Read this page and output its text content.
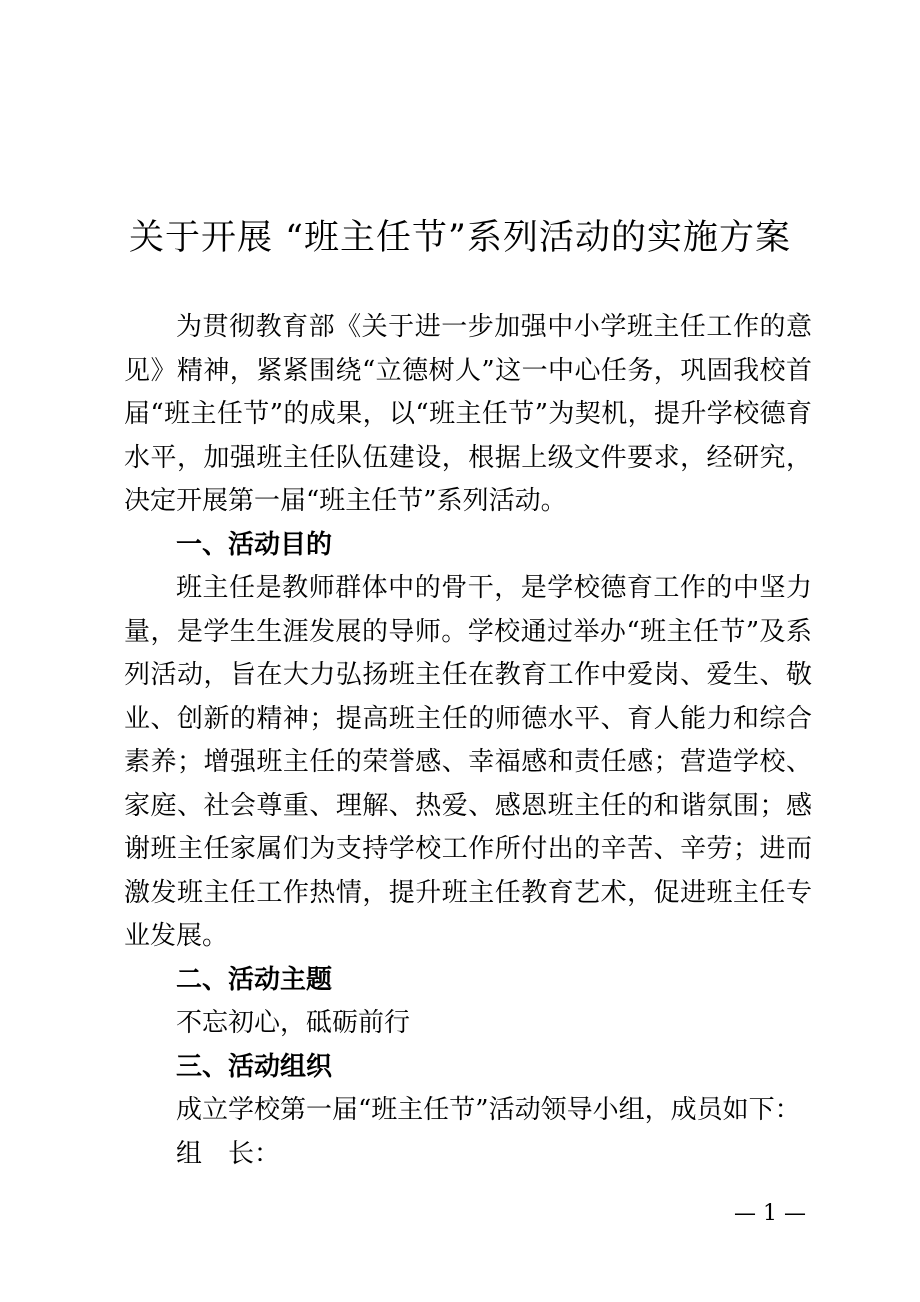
关于开展 “班主任节”系列活动的实施方案

为贯彻教育部《关于进一步加强中小学班主任工作的意见》精神，紧紧围绕“立德树人”这一中心任务，巩固我校首届“班主任节”的成果，以“班主任节”为契机，提升学校德育水平，加强班主任队伍建设，根据上级文件要求，经研究，决定开展第一届“班主任节”系列活动。

一、活动目的

班主任是教师群体中的骨干，是学校德育工作的中坚力量，是学生生涯发展的导师。学校通过举办“班主任节”及系列活动，旨在大力弘扬班主任在教育工作中爱岗、爱生、敬业、创新的精神；提高班主任的师德水平、育人能力和综合素养；增强班主任的荣誉感、幸福感和责任感；营造学校、家庭、社会尊重、理解、热爱、感恩班主任的和谐氛围；感谢班主任家属们为支持学校工作所付出的辛苦、辛劳；进而激发班主任工作热情，提升班主任教育艺术，促进班主任专业发展。

二、活动主题

不忘初心，砥砺前行

三、活动组织

成立学校第一届“班主任节”活动领导小组，成员如下：

组　长：

— 1 —
